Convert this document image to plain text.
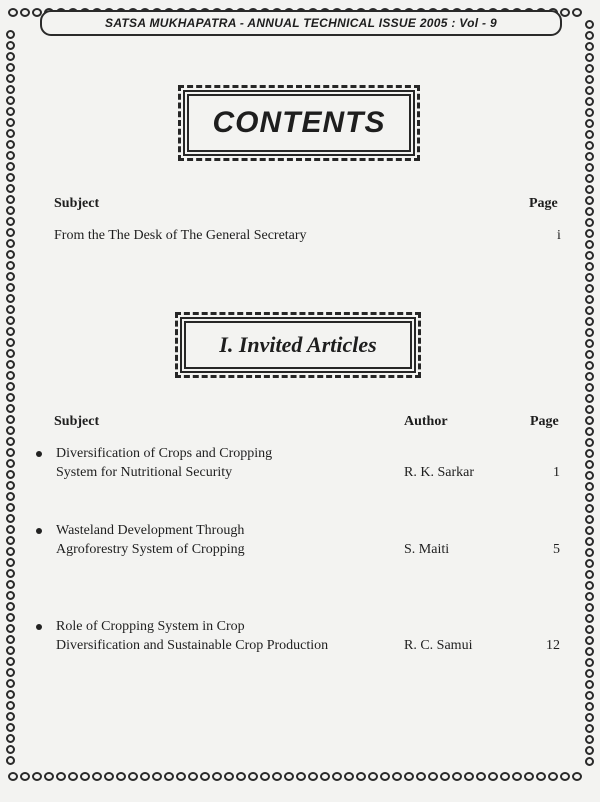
SATSA MUKHAPATRA - ANNUAL TECHNICAL ISSUE 2005 : Vol - 9
CONTENTS
Subject	Page
From the The Desk of The General Secretary	i
I. Invited Articles
Subject	Author	Page
Diversification of Crops and Cropping
System for Nutritional Security	R. K. Sarkar	1
Wasteland Development Through
Agroforestry System of Cropping	S. Maiti	5
Role of Cropping System in Crop
Diversification and Sustainable Crop Production	R. C. Samui	12
